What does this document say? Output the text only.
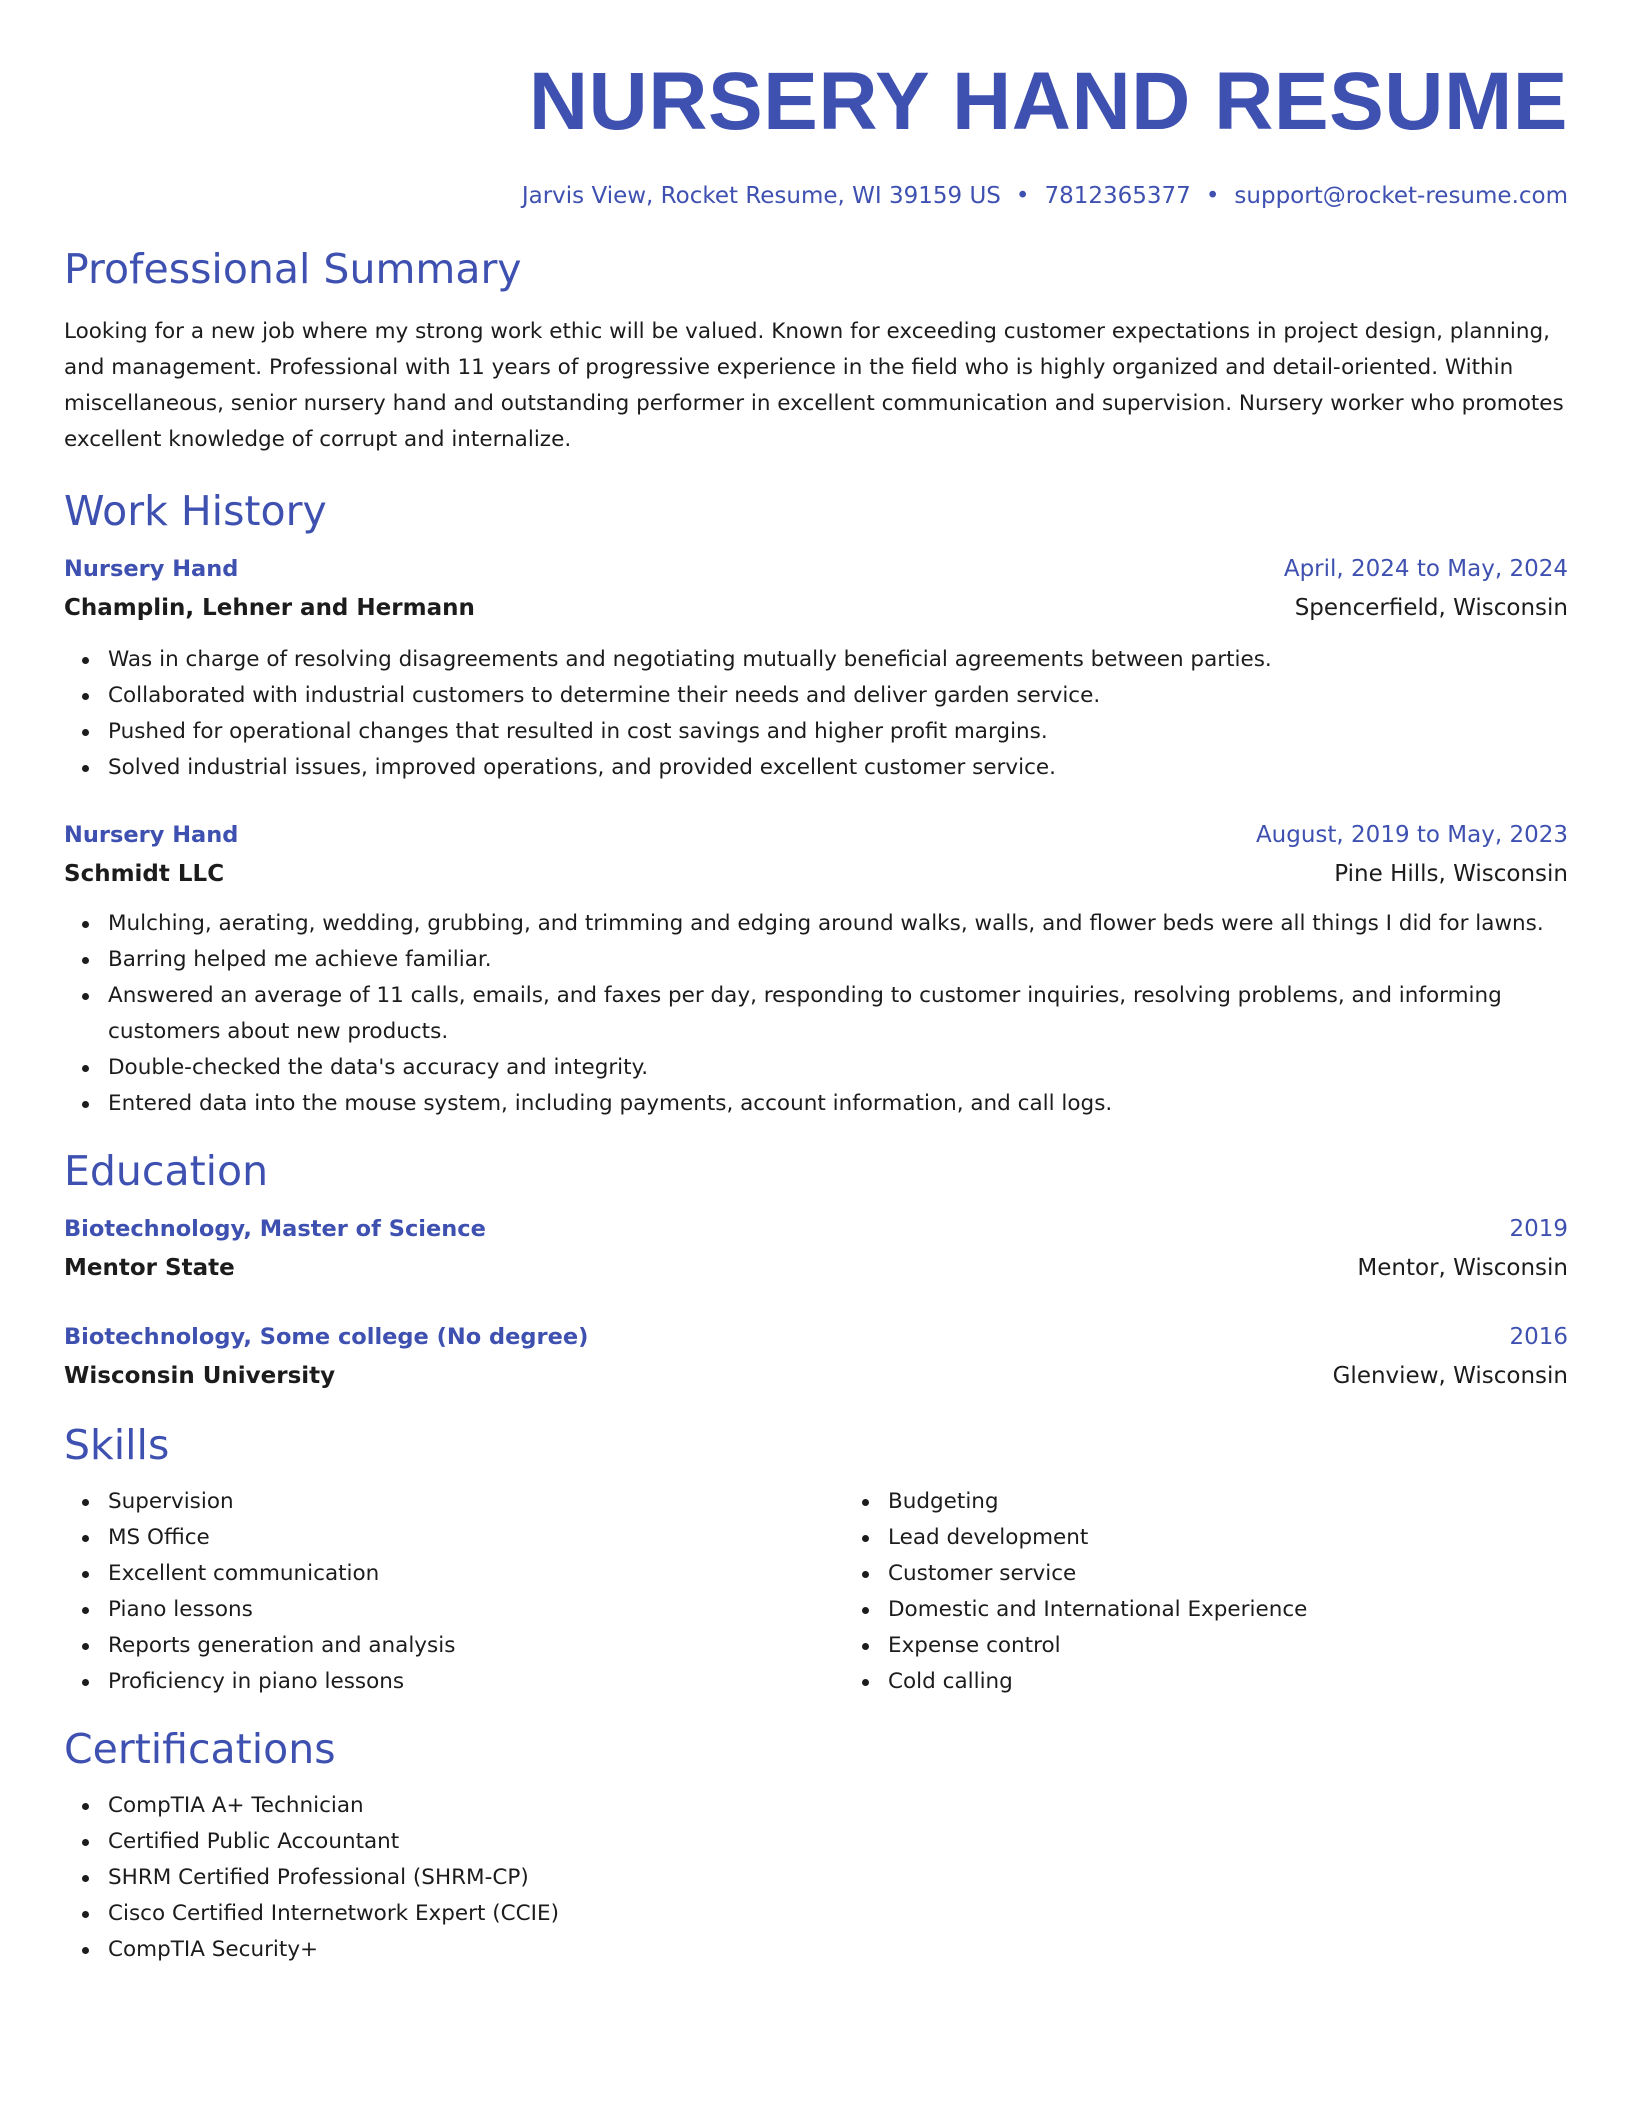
NURSERY HAND RESUME
Jarvis View, Rocket Resume, WI 39159 US • 7812365377 • support@rocket-resume.com
Professional Summary

Looking for a new job where my strong work ethic will be valued. Known for exceeding customer expectations in project design, planning, and management. Professional with 11 years of progressive experience in the field who is highly organized and detail-oriented. Within miscellaneous, senior nursery hand and outstanding performer in excellent communication and supervision. Nursery worker who promotes excellent knowledge of corrupt and internalize.

Work History
Nursery Hand	April, 2024 to May, 2024
Champlin, Lehner and Hermann	Spencerfield, Wisconsin
Was in charge of resolving disagreements and negotiating mutually beneficial agreements between parties.
Collaborated with industrial customers to determine their needs and deliver garden service.
Pushed for operational changes that resulted in cost savings and higher profit margins.
Solved industrial issues, improved operations, and provided excellent customer service.
Nursery Hand	August, 2019 to May, 2023
Schmidt LLC	Pine Hills, Wisconsin
Mulching, aerating, wedding, grubbing, and trimming and edging around walks, walls, and flower beds were all things I did for lawns.
Barring helped me achieve familiar.
Answered an average of 11 calls, emails, and faxes per day, responding to customer inquiries, resolving problems, and informing customers about new products.
Double-checked the data's accuracy and integrity.
Entered data into the mouse system, including payments, account information, and call logs.
Education
Biotechnology, Master of Science	2019
Mentor State	Mentor, Wisconsin
Biotechnology, Some college (No degree)	2016
Wisconsin University	Glenview, Wisconsin
Skills
Supervision
MS Office
Excellent communication
Piano lessons
Reports generation and analysis
Proficiency in piano lessons
Budgeting
Lead development
Customer service
Domestic and International Experience
Expense control
Cold calling
Certifications
CompTIA A+ Technician
Certified Public Accountant
SHRM Certified Professional (SHRM-CP)
Cisco Certified Internetwork Expert (CCIE)
CompTIA Security+
